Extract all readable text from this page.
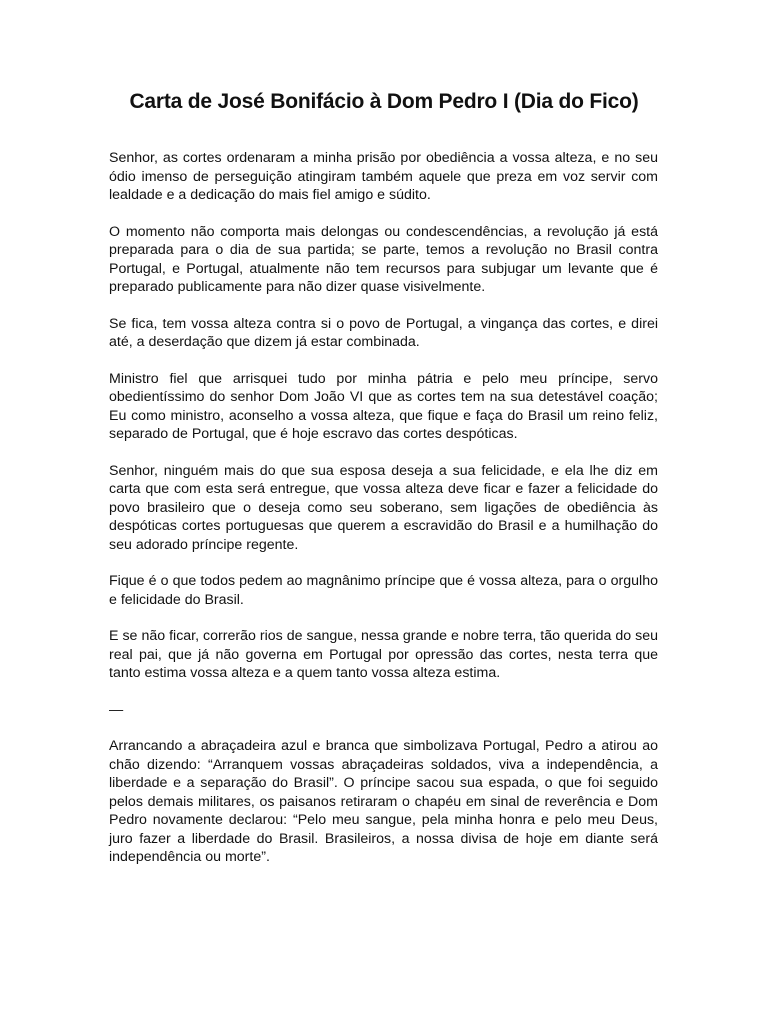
Carta de José Bonifácio à Dom Pedro I (Dia do Fico)

Senhor, as cortes ordenaram a minha prisão por obediência a vossa alteza, e no seu ódio imenso de perseguição atingiram também aquele que preza em voz servir com lealdade e a dedicação do mais fiel amigo e súdito.

O momento não comporta mais delongas ou condescendências, a revolução já está preparada para o dia de sua partida; se parte, temos a revolução no Brasil contra Portugal, e Portugal, atualmente não tem recursos para subjugar um levante que é preparado publicamente para não dizer quase visivelmente.

Se fica, tem vossa alteza contra si o povo de Portugal, a vingança das cortes, e direi até, a deserdação que dizem já estar combinada.

Ministro fiel que arrisquei tudo por minha pátria e pelo meu príncipe, servo obedientíssimo do senhor Dom João VI que as cortes tem na sua detestável coação; Eu como ministro, aconselho a vossa alteza, que fique e faça do Brasil um reino feliz, separado de Portugal, que é hoje escravo das cortes despóticas.

Senhor, ninguém mais do que sua esposa deseja a sua felicidade, e ela lhe diz em carta que com esta será entregue, que vossa alteza deve ficar e fazer a felicidade do povo brasileiro que o deseja como seu soberano, sem ligações de obediência às despóticas cortes portuguesas que querem a escravidão do Brasil e a humilhação do seu adorado príncipe regente.

Fique é o que todos pedem ao magnânimo príncipe que é vossa alteza, para o orgulho e felicidade do Brasil.

E se não ficar, correrão rios de sangue, nessa grande e nobre terra, tão querida do seu real pai, que já não governa em Portugal por opressão das cortes, nesta terra que tanto estima vossa alteza e a quem tanto vossa alteza estima.

—

Arrancando a abraçadeira azul e branca que simbolizava Portugal, Pedro a atirou ao chão dizendo: “Arranquem vossas abraçadeiras soldados, viva a independência, a liberdade e a separação do Brasil”. O príncipe sacou sua espada, o que foi seguido pelos demais militares, os paisanos retiraram o chapéu em sinal de reverência e Dom Pedro novamente declarou: “Pelo meu sangue, pela minha honra e pelo meu Deus, juro fazer a liberdade do Brasil. Brasileiros, a nossa divisa de hoje em diante será independência ou morte”.
